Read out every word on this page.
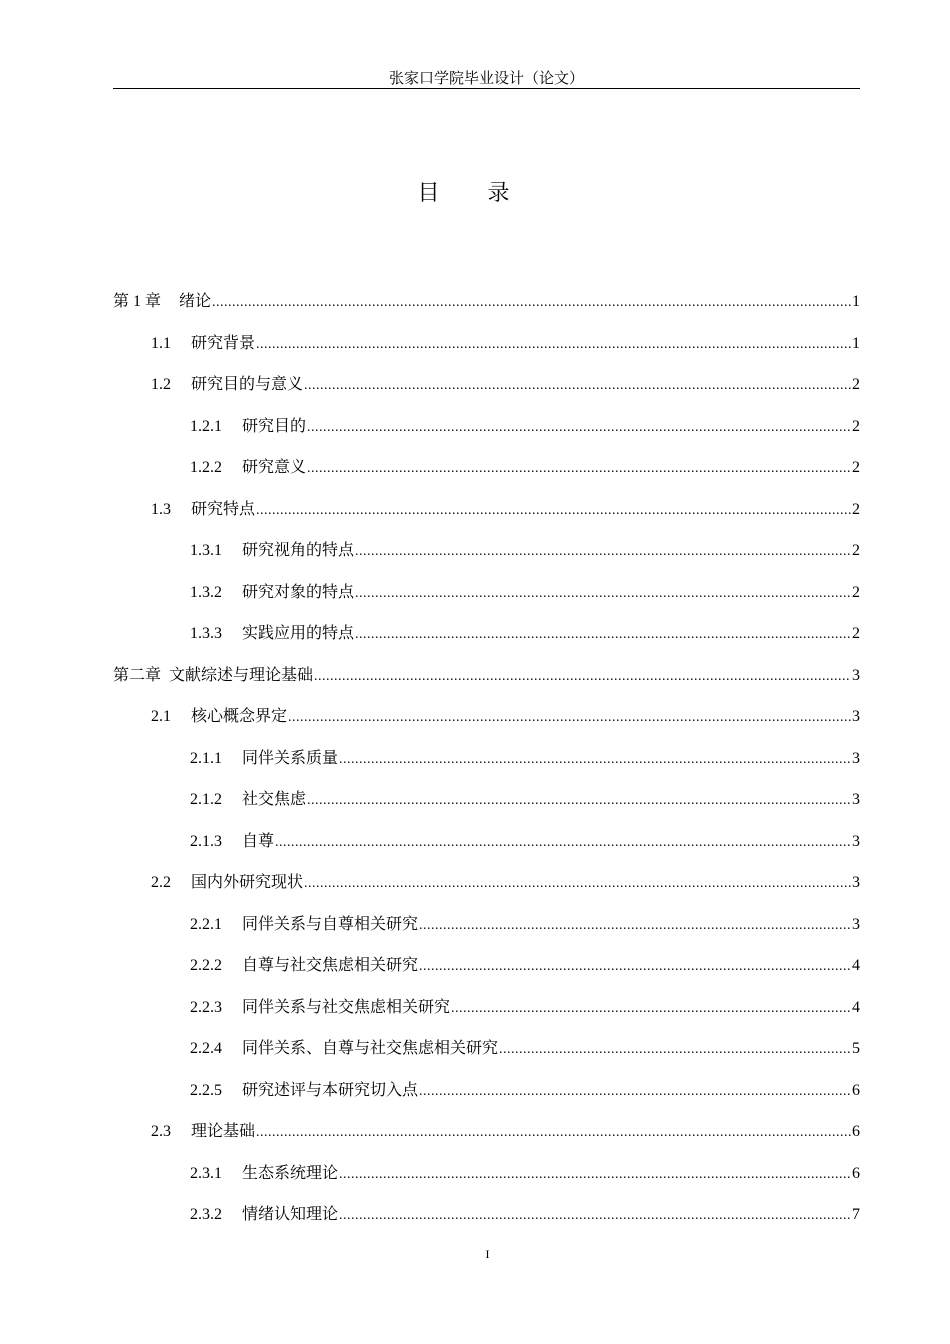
张家口学院毕业设计（论文）
目录
第 1 章 绪论 .....	1
1.1 研究背景 .....	1
1.2 研究目的与意义 .....	2
1.2.1 研究目的 .....	2
1.2.2 研究意义 .....	2
1.3 研究特点 .....	2
1.3.1 研究视角的特点 .....	2
1.3.2 研究对象的特点 .....	2
1.3.3 实践应用的特点 .....	2
第二章 文献综述与理论基础 .....	3
2.1 核心概念界定 .....	3
2.1.1 同伴关系质量 .....	3
2.1.2 社交焦虑 .....	3
2.1.3 自尊 .....	3
2.2 国内外研究现状 .....	3
2.2.1 同伴关系与自尊相关研究 .....	3
2.2.2 自尊与社交焦虑相关研究 .....	4
2.2.3 同伴关系与社交焦虑相关研究 .....	4
2.2.4 同伴关系、自尊与社交焦虑相关研究 .....	5
2.2.5 研究述评与本研究切入点 .....	6
2.3 理论基础 .....	6
2.3.1 生态系统理论 .....	6
2.3.2 情绪认知理论 .....	7
I
